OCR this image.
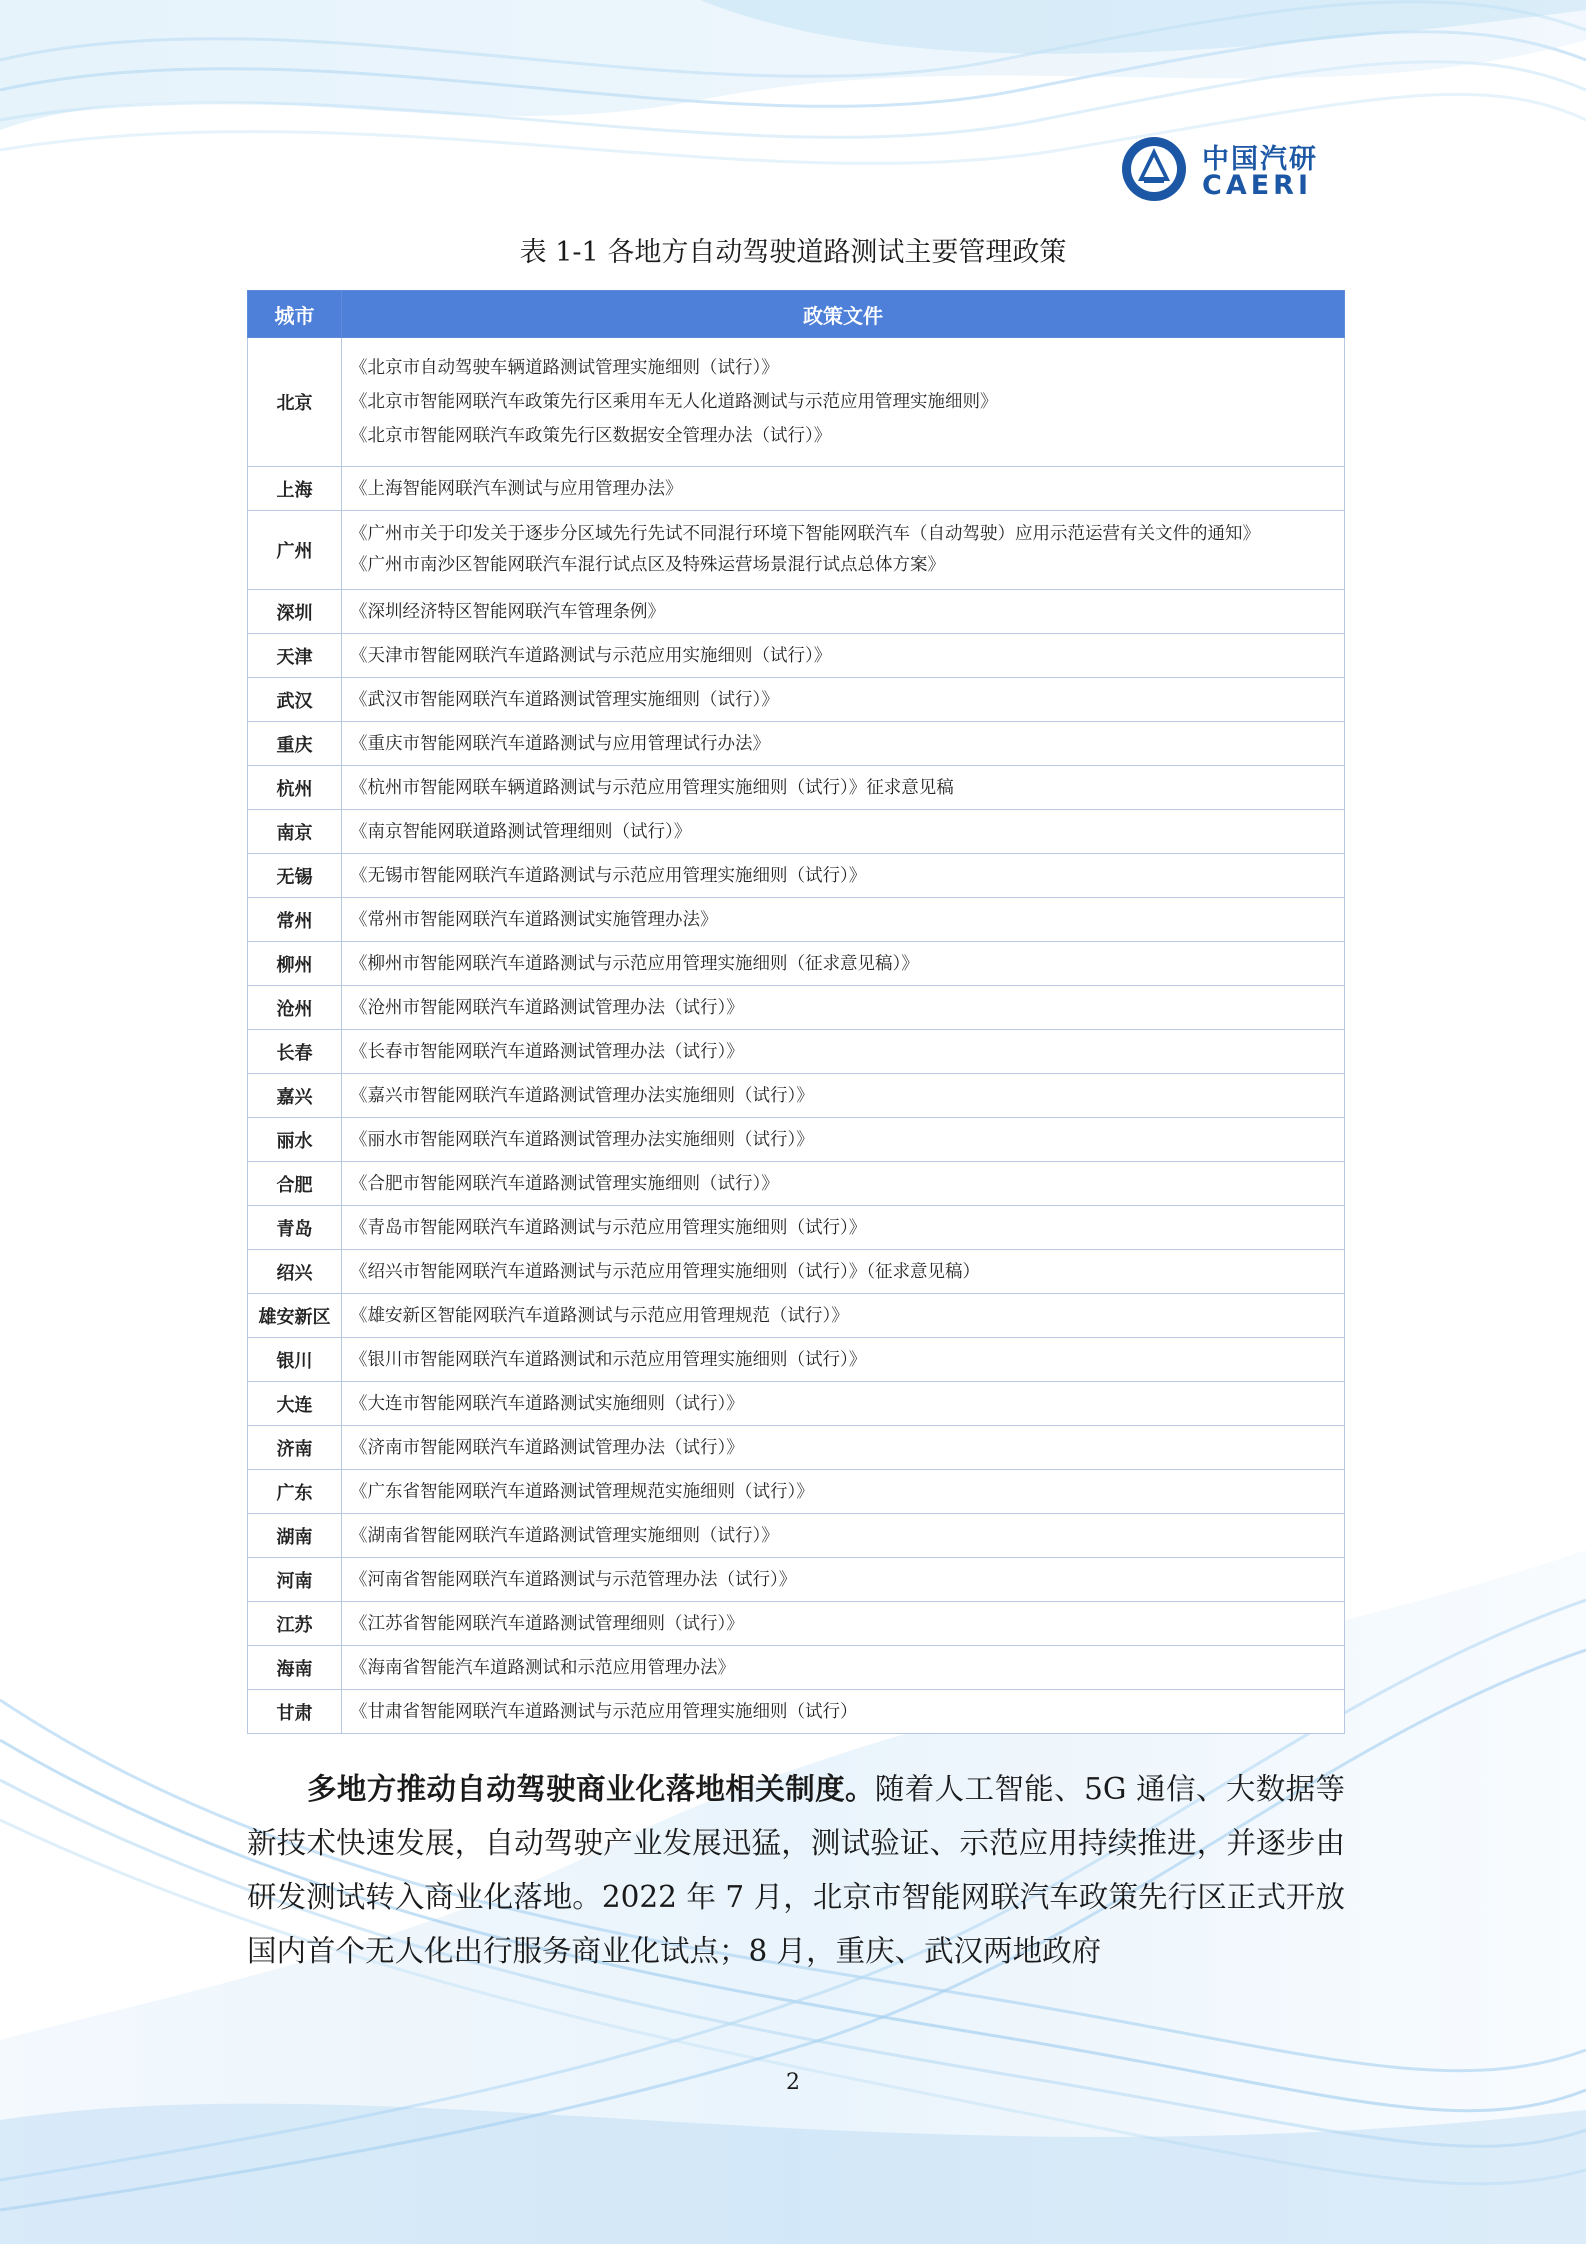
中国汽研
CAERI
表 1-1 各地方自动驾驶道路测试主要管理政策
城市	政策文件
北京	《北京市自动驾驶车辆道路测试管理实施细则（试行）》
《北京市智能网联汽车政策先行区乘用车无人化道路测试与示范应用管理实施细则》
《北京市智能网联汽车政策先行区数据安全管理办法（试行）》

上海	《上海智能网联汽车测试与应用管理办法》

广州	《广州市关于印发关于逐步分区域先行先试不同混行环境下智能网联汽车（自动驾驶）应用示范运营有关文件的通知》
《广州市南沙区智能网联汽车混行试点区及特殊运营场景混行试点总体方案》

深圳	《深圳经济特区智能网联汽车管理条例》

天津	《天津市智能网联汽车道路测试与示范应用实施细则（试行）》

武汉	《武汉市智能网联汽车道路测试管理实施细则（试行）》

重庆	《重庆市智能网联汽车道路测试与应用管理试行办法》

杭州	《杭州市智能网联车辆道路测试与示范应用管理实施细则（试行）》征求意见稿

南京	《南京智能网联道路测试管理细则（试行）》

无锡	《无锡市智能网联汽车道路测试与示范应用管理实施细则（试行）》

常州	《常州市智能网联汽车道路测试实施管理办法》

柳州	《柳州市智能网联汽车道路测试与示范应用管理实施细则（征求意见稿）》

沧州	《沧州市智能网联汽车道路测试管理办法（试行）》

长春	《长春市智能网联汽车道路测试管理办法（试行）》

嘉兴	《嘉兴市智能网联汽车道路测试管理办法实施细则（试行）》

丽水	《丽水市智能网联汽车道路测试管理办法实施细则（试行）》

合肥	《合肥市智能网联汽车道路测试管理实施细则（试行）》

青岛	《青岛市智能网联汽车道路测试与示范应用管理实施细则（试行）》

绍兴	《绍兴市智能网联汽车道路测试与示范应用管理实施细则（试行）》（征求意见稿）

雄安新区	《雄安新区智能网联汽车道路测试与示范应用管理规范（试行）》

银川	《银川市智能网联汽车道路测试和示范应用管理实施细则（试行）》

大连	《大连市智能网联汽车道路测试实施细则（试行）》

济南	《济南市智能网联汽车道路测试管理办法（试行）》

广东	《广东省智能网联汽车道路测试管理规范实施细则（试行）》

湖南	《湖南省智能网联汽车道路测试管理实施细则（试行）》

河南	《河南省智能网联汽车道路测试与示范管理办法（试行）》

江苏	《江苏省智能网联汽车道路测试管理细则（试行）》

海南	《海南省智能汽车道路测试和示范应用管理办法》

甘肃	《甘肃省智能网联汽车道路测试与示范应用管理实施细则（试行）

多地方推动自动驾驶商业化落地相关制度。随着人工智能、5G 通信、大数据等新技术快速发展，自动驾驶产业发展迅猛，测试验证、示范应用持续推进，并逐步由研发测试转入商业化落地。2022 年 7 月，北京市智能网联汽车政策先行区正式开放国内首个无人化出行服务商业化试点；8 月，重庆、武汉两地政府

2
